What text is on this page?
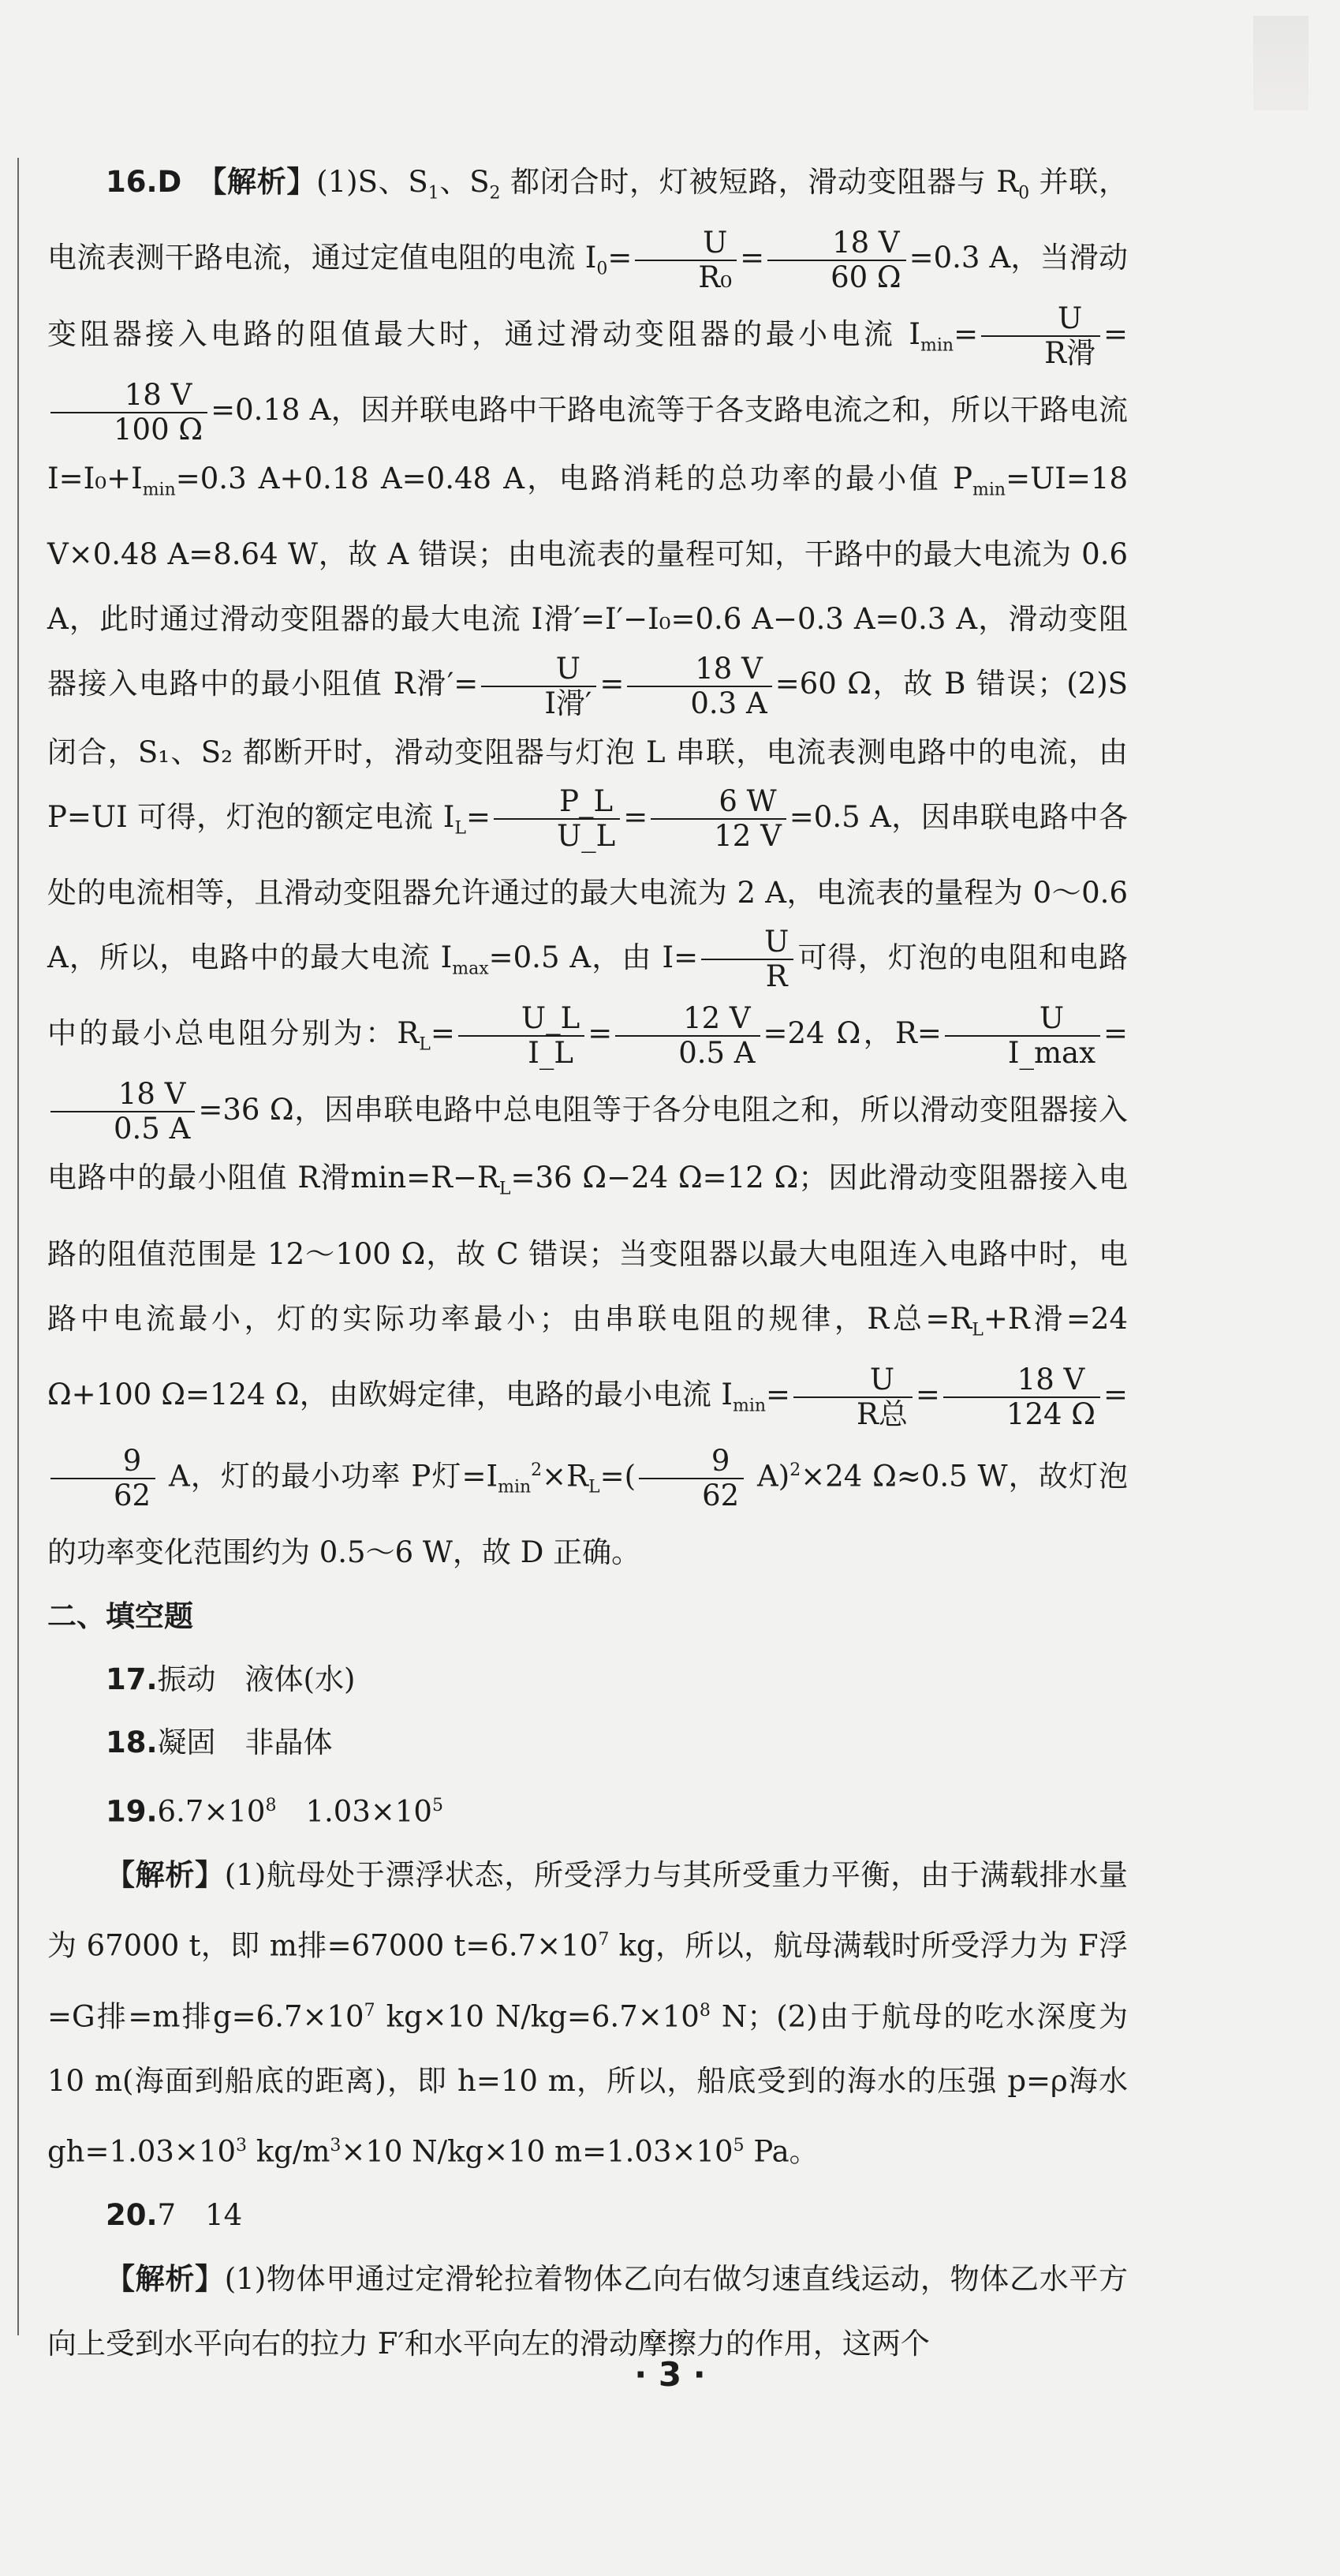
16.D　 【解析】(1)S、$S_1$、$S_2$ 都闭合时，灯被短路，滑动变阻器与 $R_0$ 并联，电流表测干路电流，通过定值电阻的电流 $I_0= \frac{U}{\text{R₀}} = \frac{18 V}{60 \Omega} =0.3$ A，当滑动变阻器接入电路的阻值最大时，通过滑动变阻器的最小电流 $I_{min}= \frac{U}{\text{R滑}}$ =
$\frac{18 V}{100 \Omega} =0.18$ A，因并联电路中干路电流等于各支路电流之和，所以干路电流 $I=I_0+I_{min}=0.3$ A+0.18 A=0.48 A，电路消耗的总功率的最小值 $P_{min}=UI=18$ V×0.48 A=8.64 W，故 A 错误；由电流表的量程可知，干路中的最大电流为 0.6 A，此时通过滑动变阻器的最大电流 I滑′=I′−I₀=0.6 A−0.3 A=0.3 A，滑动变阻器接入电路中的最小阻值 R滑′= $\frac{U}{\text{I滑′}} = \frac{18 V}{0.3 A} =60$ Ω，故 B 错误；(2)S 闭合，S₁、S₂ 都断开时，滑动变阻器与灯泡 L 串联，电流表测电路中的电流，由 P=UI 可得，灯泡的额定电流 $I_L= \frac{P\_L}{U\_L} = \frac{6 W}{12 V} =0.5$ A，因串联电路中各处的电流相等，且滑动变阻器允许通过的最大电流为 2 A，电流表的量程为 0～0.6 A，所以，电路中的最大电流 $I_{max}=0.5$ A，由 $I= \frac{U}{R}$ 可得，灯泡的电阻和电路中的最小总电阻分别为：$R_L= \frac{U\_L}{I\_L} = \frac{12 V}{0.5 A} =24$ Ω，$R= \frac{U}{I\_\max}$ =
$\frac{18 V}{0.5 A} =36$ Ω，因串联电路中总电阻等于各分电阻之和，所以滑动变阻器接入电路中的最小阻值 R滑$\min=R-R_L=36$ Ω−24 Ω=12 Ω；因此滑动变阻器接入电路的阻值范围是 12～100 Ω，故 C 错误；当变阻器以最大电阻连入电路中时，电路中电流最小，灯的实际功率最小；由串联电阻的规律，R总$=R_L+R$滑=24 Ω+100 Ω=124 Ω，由欧姆定律，电路的最小电流 $I_{min}= \frac{U}{\text{R总}} = \frac{18 V}{124 \Omega}$ =
$\frac{9}{62}$ A，灯的最小功率 P灯$=I_{min}^2\times R_L=( \frac{9}{62} A)^2\times 24$ Ω≈0.5 W，故灯泡的功率变化范围约为 0.5～6 W，故 D 正确。

二、填空题

17.振动　液体(水)

18.凝固　非晶体

$19.6.7\times 10^8$　$1.03\times 10^5$

【解析】(1)航母处于漂浮状态，所受浮力与其所受重力平衡，由于满载排水量为 67000 t，即 m排=67000 $t=6.7\times 10^7$ kg，所以，航母满载时所受浮力为 F浮=G排=m排$g=6.7\times 10^7$ kg×10 $N/kg=6.7\times 10^8$ N；(2)由于航母的吃水深度为 10 m(海面到船底的距离)，即 h=10 m，所以，船底受到的海水的压强 p=ρ海水$gh=1.03\times 10^3$ $kg/m^3\times 10$ N/kg×10 $m=1.03\times 10^5$ Pa。

20.7　14

【解析】(1)物体甲通过定滑轮拉着物体乙向右做匀速直线运动，物体乙水平方向上受到水平向右的拉力 F′和水平向左的滑动摩擦力的作用，这两个

· 3 ·
